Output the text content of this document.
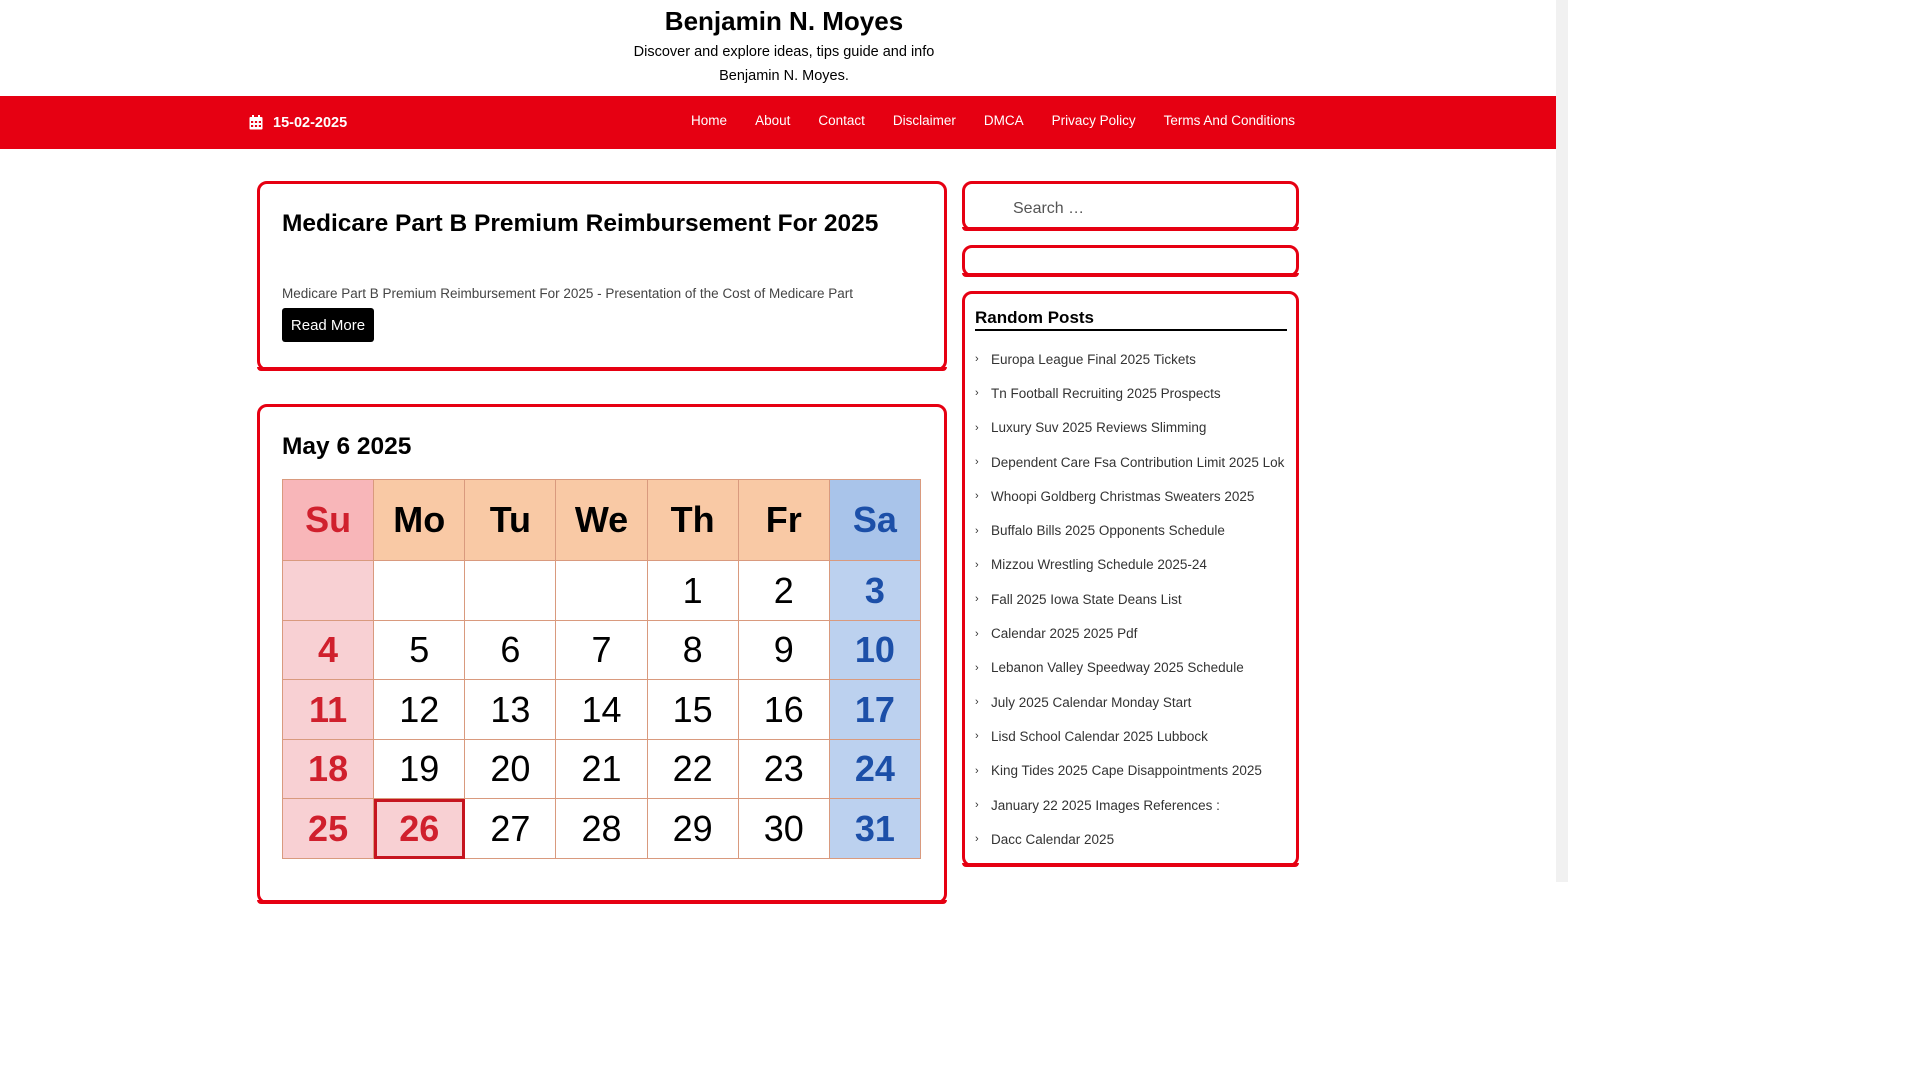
Benjamin N. Moyes
Discover and explore ideas, tips guide and info Benjamin N. Moyes.
15-02-2025	Home About Contact Disclaimer DMCA Privacy Policy Terms And Conditions
Medicare Part B Premium Reimbursement For 2025

Medicare Part B Premium Reimbursement For 2025 - Presentation of the Cost of Medicare Part

Read More
May 6 2025
Su	Mo	Tu	We	Th	Fr	Sa
				1	2	3
4	5	6	7	8	9	10
11	12	13	14	15	16	17
18	19	20	21	22	23	24
25	26	27	28	29	30	31
Search …
Random Posts
› Europa League Final 2025 Tickets
› Tn Football Recruiting 2025 Prospects
› Luxury Suv 2025 Reviews Slimming
› Dependent Care Fsa Contribution Limit 2025 Lok
› Whoopi Goldberg Christmas Sweaters 2025
› Buffalo Bills 2025 Opponents Schedule
› Mizzou Wrestling Schedule 2025-24
› Fall 2025 Iowa State Deans List
› Calendar 2025 2025 Pdf
› Lebanon Valley Speedway 2025 Schedule
› July 2025 Calendar Monday Start
› Lisd School Calendar 2025 Lubbock
› King Tides 2025 Cape Disappointments 2025
› January 22 2025 Images References :
› Dacc Calendar 2025
